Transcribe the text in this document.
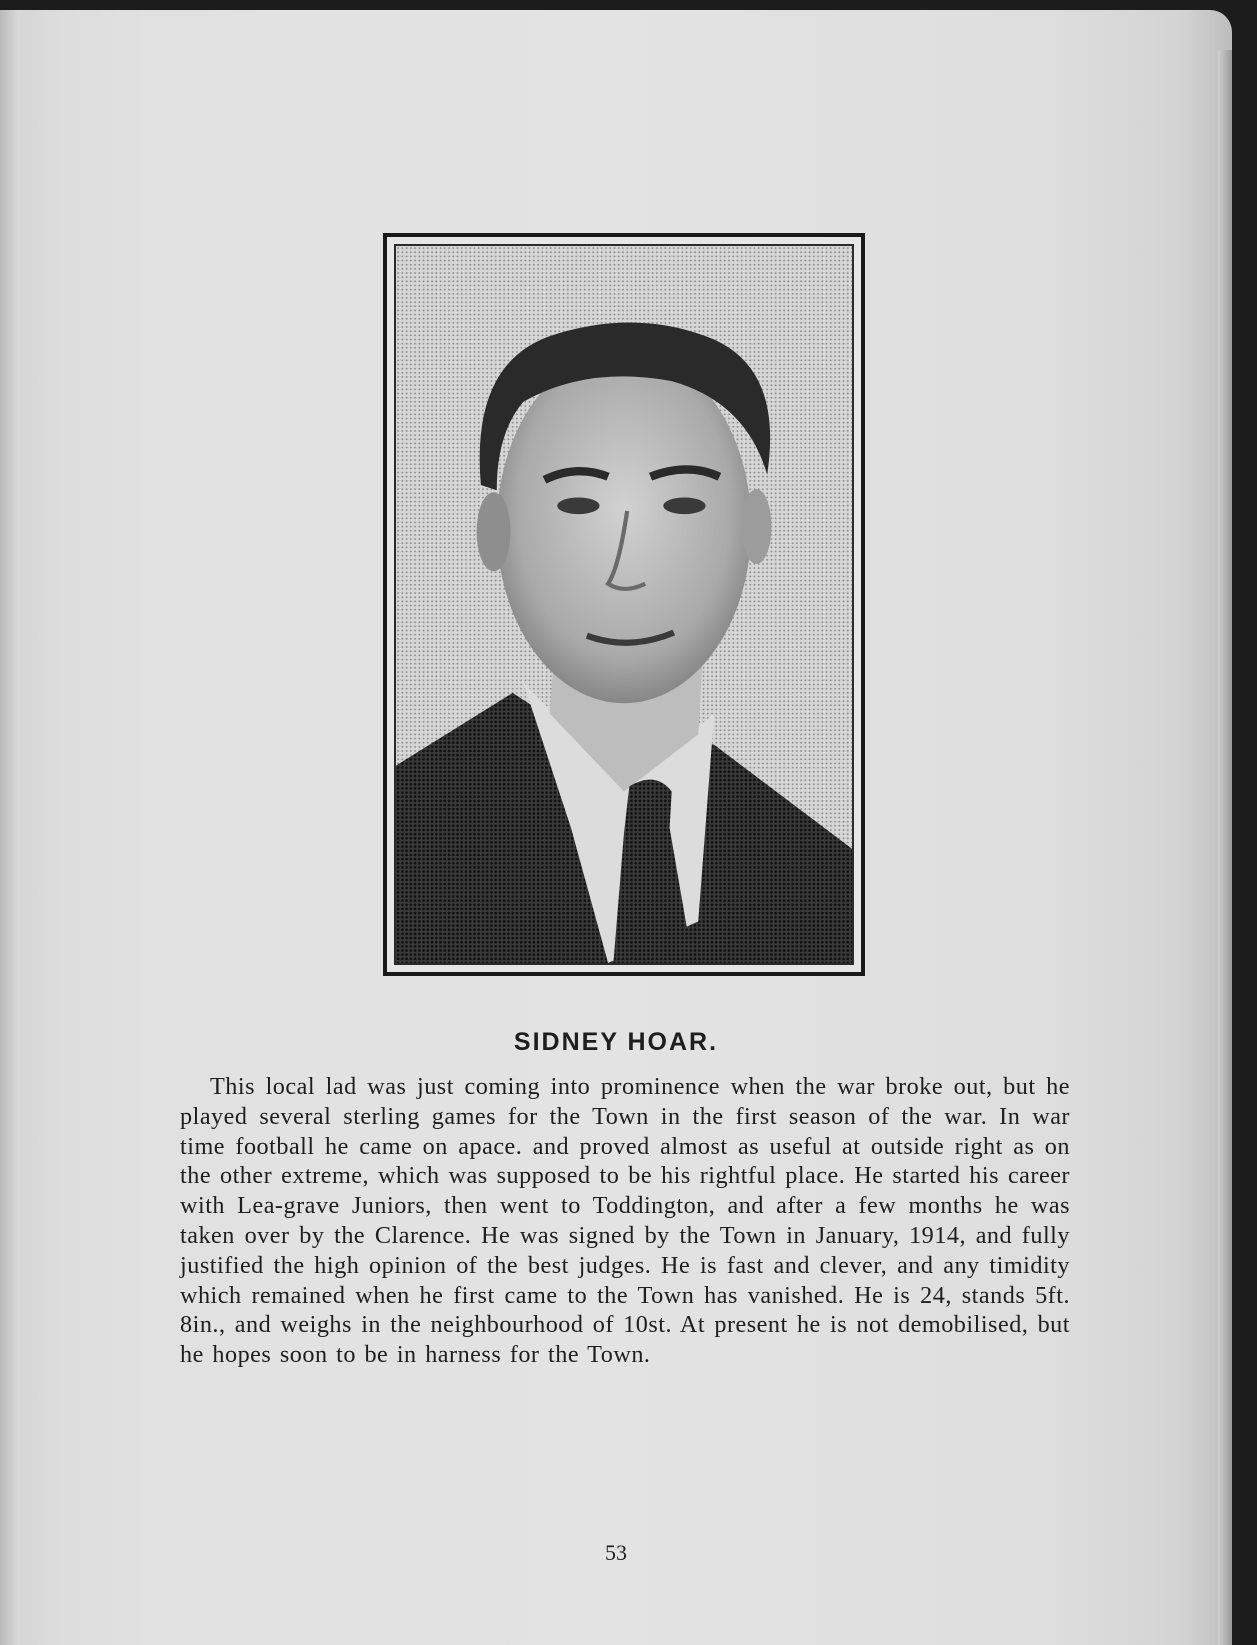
SIDNEY HOAR.

This local lad was just coming into prominence when the war broke out, but he played several sterling games for the Town in the first season of the war. In war time football he came on apace. and proved almost as useful at outside right as on the other extreme, which was supposed to be his rightful place. He started his career with Lea-grave Juniors, then went to Toddington, and after a few months he was taken over by the Clarence. He was signed by the Town in January, 1914, and fully justified the high opinion of the best judges. He is fast and clever, and any timidity which remained when he first came to the Town has vanished. He is 24, stands 5ft. 8in., and weighs in the neighbourhood of 10st. At present he is not demobilised, but he hopes soon to be in harness for the Town.

53
